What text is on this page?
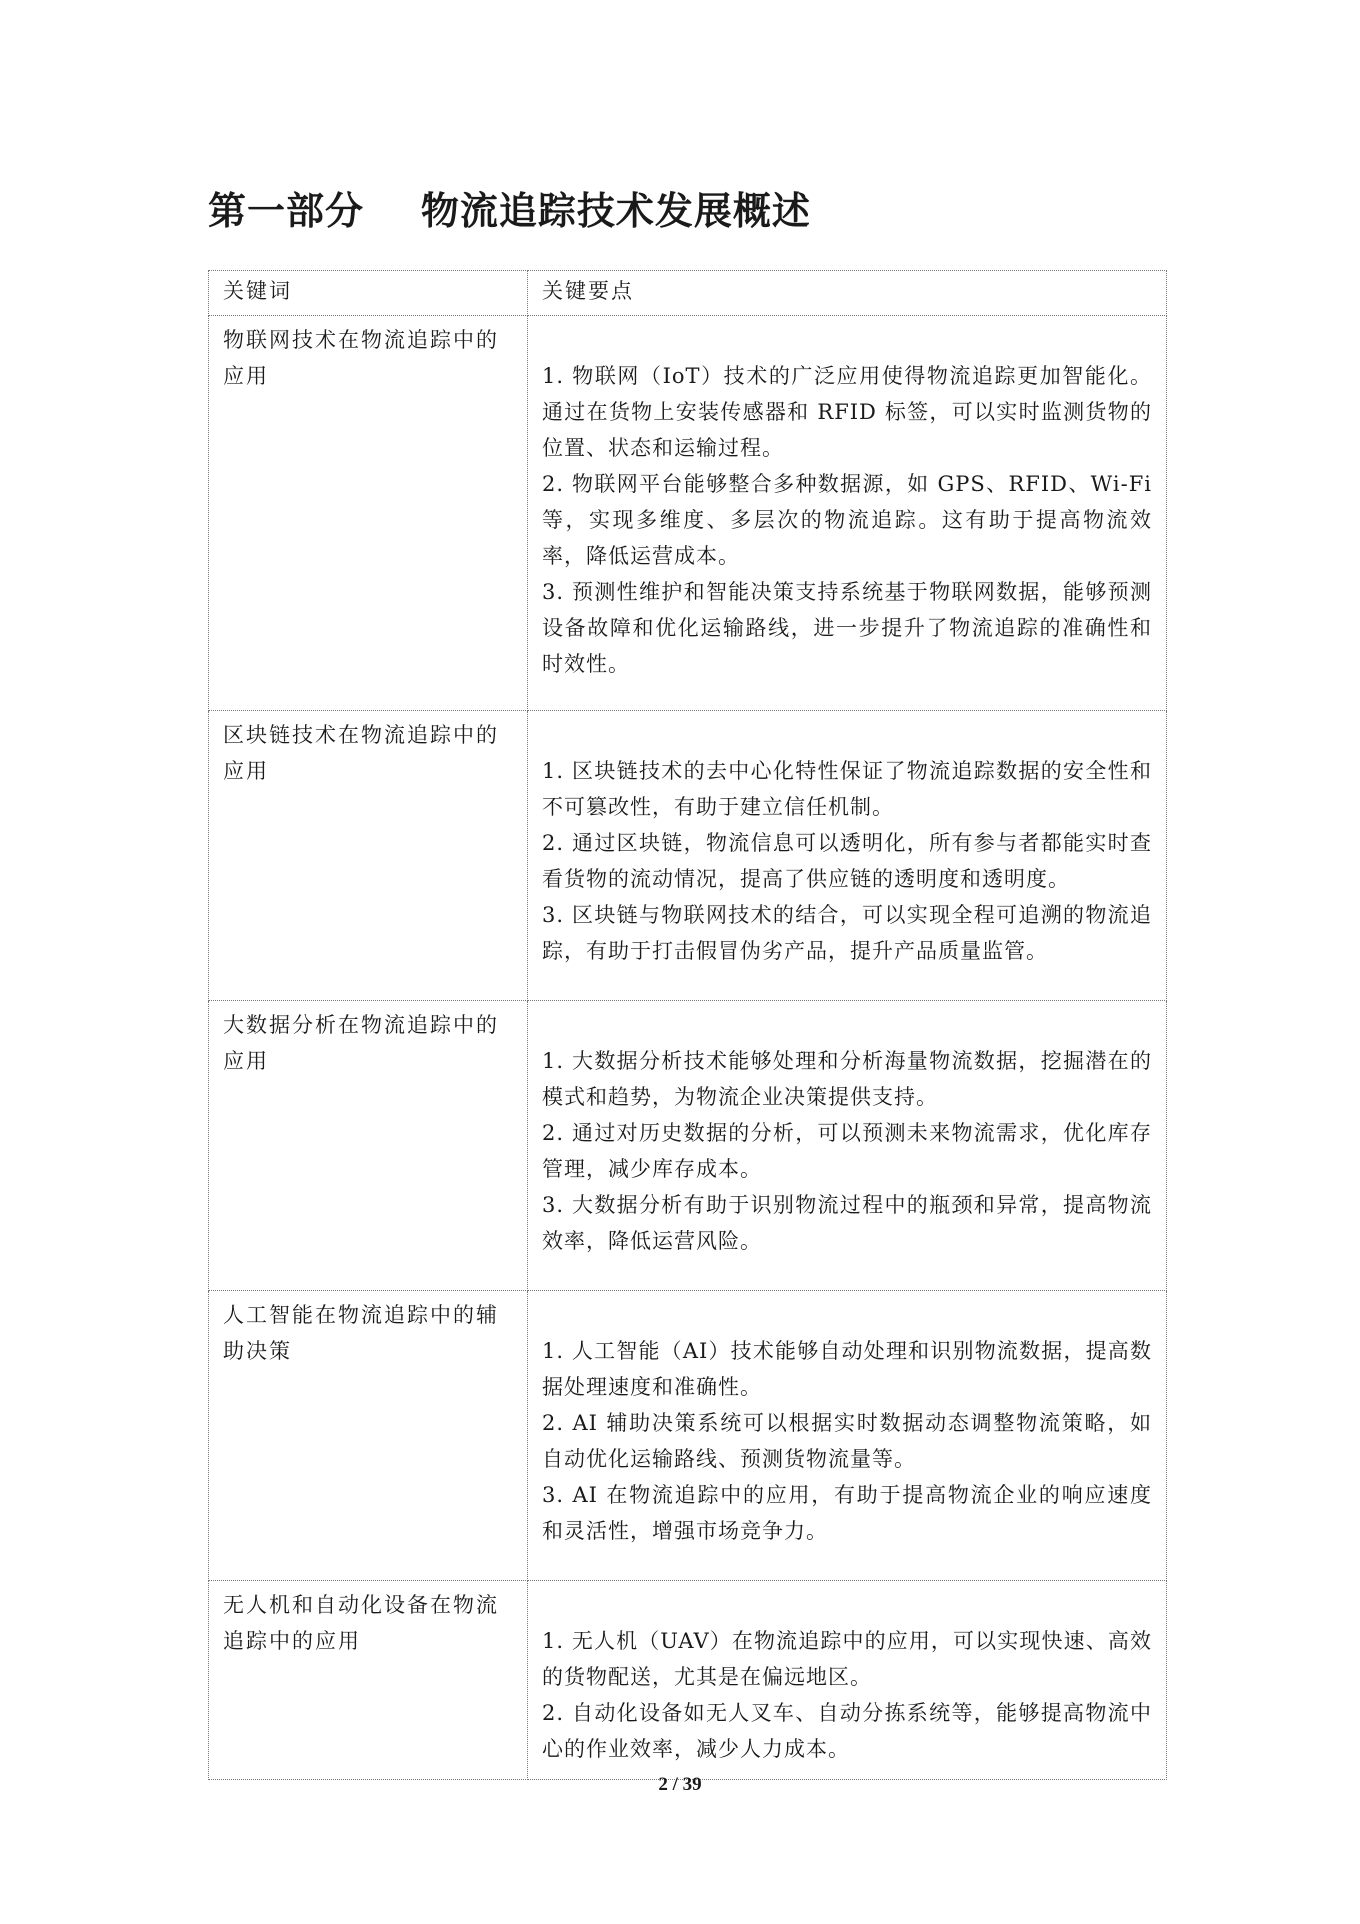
第一部分    物流追踪技术发展概述
关键词	关键要点
物联网技术在物流追踪中的应用	1. 物联网（IoT）技术的广泛应用使得物流追踪更加智能化。通过在货物上安装传感器和 RFID 标签，可以实时监测货物的位置、状态和运输过程。

2. 物联网平台能够整合多种数据源，如 GPS、RFID、Wi-Fi 等，实现多维度、多层次的物流追踪。这有助于提高物流效率，降低运营成本。

3. 预测性维护和智能决策支持系统基于物联网数据，能够预测设备故障和优化运输路线，进一步提升了物流追踪的准确性和时效性。

区块链技术在物流追踪中的应用	1. 区块链技术的去中心化特性保证了物流追踪数据的安全性和不可篡改性，有助于建立信任机制。

2. 通过区块链，物流信息可以透明化，所有参与者都能实时查看货物的流动情况，提高了供应链的透明度和透明度。

3. 区块链与物联网技术的结合，可以实现全程可追溯的物流追踪，有助于打击假冒伪劣产品，提升产品质量监管。

大数据分析在物流追踪中的应用	1. 大数据分析技术能够处理和分析海量物流数据，挖掘潜在的模式和趋势，为物流企业决策提供支持。

2. 通过对历史数据的分析，可以预测未来物流需求，优化库存管理，减少库存成本。

3. 大数据分析有助于识别物流过程中的瓶颈和异常，提高物流效率，降低运营风险。

人工智能在物流追踪中的辅助决策	1. 人工智能（AI）技术能够自动处理和识别物流数据，提高数据处理速度和准确性。

2. AI 辅助决策系统可以根据实时数据动态调整物流策略，如自动优化运输路线、预测货物流量等。

3. AI 在物流追踪中的应用，有助于提高物流企业的响应速度和灵活性，增强市场竞争力。

无人机和自动化设备在物流追踪中的应用	1. 无人机（UAV）在物流追踪中的应用，可以实现快速、高效的货物配送，尤其是在偏远地区。

2. 自动化设备如无人叉车、自动分拣系统等，能够提高物流中心的作业效率，减少人力成本。

2 / 39
